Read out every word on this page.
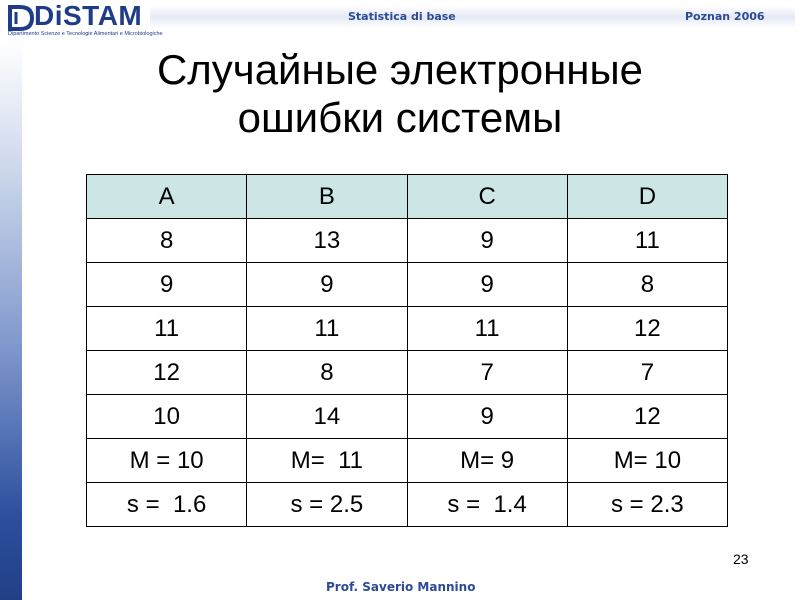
DiSTAM
Dipartimento Scienze e Tecnologie Alimentari e Microbiologiche
Statistica di base	Poznan 2006
Случайные электронные
ошибки системы
A	B	C	D
8	13	9	11
9	9	9	8
11	11	11	12
12	8	7	7
10	14	9	12
M = 10	M=  11	M= 9	M= 10
s =  1.6	s = 2.5	s =  1.4	s = 2.3
23
Prof. Saverio Mannino
